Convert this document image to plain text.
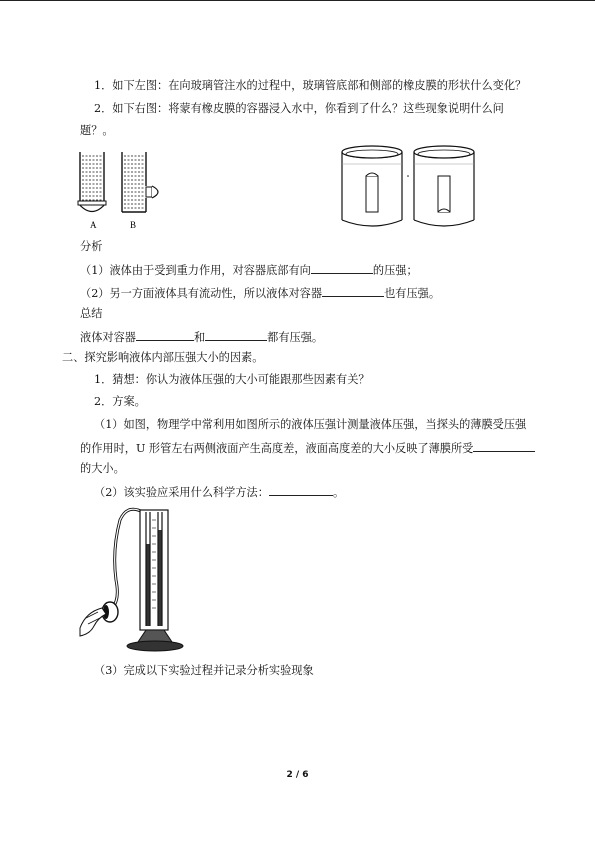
1．如下左图：在向玻璃管注水的过程中，玻璃管底部和侧部的橡皮膜的形状什么变化？
2．如下右图：将蒙有橡皮膜的容器浸入水中，你看到了什么？这些现象说明什么问
题？。
A	B
分析
（1）液体由于受到重力作用，对容器底部有向	的压强；
（2）另一方面液体具有流动性，所以液体对容器	也有压强。
总结
液体对容器	和	都有压强。
二、探究影响液体内部压强大小的因素。
1．猜想：你认为液体压强的大小可能跟那些因素有关？
2．方案。
（1）如图，物理学中常利用如图所示的液体压强计测量液体压强，当探头的薄膜受压强
的作用时，U 形管左右两侧液面产生高度差，液面高度差的大小反映了薄膜所受
的大小。
（2）该实验应采用什么科学方法：	。
（3）完成以下实验过程并记录分析实验现象
2 / 6
